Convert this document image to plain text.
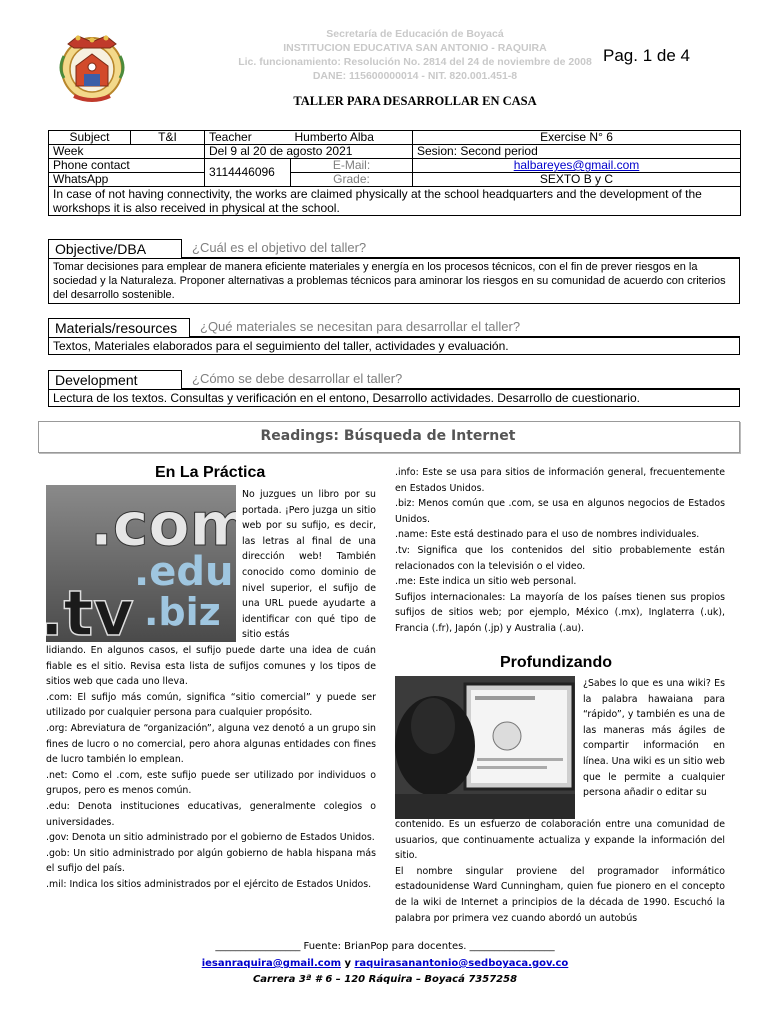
Secretaría de Educación de Boyacá
INSTITUCION EDUCATIVA SAN ANTONIO - RAQUIRA
Lic. funcionamiento: Resolución No. 2814 del 24 de noviembre de 2008
DANE: 115600000014 - NIT. 820.001.451-8
Pag. 1 de 4
TALLER PARA DESARROLLAR EN CASA
Subject	T&I	Teacher	Humberto Alba	Exercise N° 6
Week		Del 9 al 20 de agosto 2021		Sesion: Second period
Phone contact		3114446096	E-Mail:	halbareyes@gmail.com
WhatsApp			Grade:	SEXTO B y C
In case of not having connectivity, the works are claimed physically at the school headquarters and the development of the workshops it is also received in physical at the school.				
Objective/DBA	¿Cuál es el objetivo del taller?
Tomar decisiones para emplear de manera eficiente materiales y energía en los procesos técnicos, con el fin de prever riesgos en la sociedad y la Naturaleza. Proponer alternativas a problemas técnicos para aminorar los riesgos en su comunidad de acuerdo con criterios del desarrollo sostenible.
Materials/resources	¿Qué materiales se necesitan para desarrollar el taller?
Textos, Materiales elaborados para el seguimiento del taller, actividades y evaluación.
Development	¿Cómo se debe desarrollar el taller?
Lectura de los textos. Consultas y verificación en el entono, Desarrollo actividades. Desarrollo de cuestionario.
Readings: Búsqueda de Internet
En La Práctica
.com
.edu
.tv .biz
No juzgues un libro por su portada. ¡Pero juzga un sitio web por su sufijo, es decir, las letras al final de una dirección web! También conocido como dominio de nivel superior, el sufijo de una URL puede ayudarte a identificar con qué tipo de sitio estás

lidiando. En algunos casos, el sufijo puede darte una idea de cuán fiable es el sitio. Revisa esta lista de sufijos comunes y los tipos de sitios web que cada uno lleva.

.com: El sufijo más común, significa “sitio comercial” y puede ser utilizado por cualquier persona para cualquier propósito.

.org: Abreviatura de “organización”, alguna vez denotó a un grupo sin fines de lucro o no comercial, pero ahora algunas entidades con fines de lucro también lo emplean.

.net: Como el .com, este sufijo puede ser utilizado por individuos o grupos, pero es menos común.

.edu: Denota instituciones educativas, generalmente colegios o universidades.

.gov: Denota un sitio administrado por el gobierno de Estados Unidos.

.gob: Un sitio administrado por algún gobierno de habla hispana más el sufijo del país.

.mil: Indica los sitios administrados por el ejército de Estados Unidos.

.info: Este se usa para sitios de información general, frecuentemente en Estados Unidos.

.biz: Menos común que .com, se usa en algunos negocios de Estados Unidos.

.name: Este está destinado para el uso de nombres individuales.

.tv: Significa que los contenidos del sitio probablemente están relacionados con la televisión o el video.

.me: Este indica un sitio web personal.

Sufijos internacionales: La mayoría de los países tienen sus propios sufijos de sitios web; por ejemplo, México (.mx), Inglaterra (.uk), Francia (.fr), Japón (.jp) y Australia (.au).

Profundizando
¿Sabes lo que es una wiki? Es la palabra hawaiana para “rápido”, y también es una de las maneras más ágiles de compartir información en línea. Una wiki es un sitio web que le permite a cualquier persona añadir o editar su

contenido. Es un esfuerzo de colaboración entre una comunidad de usuarios, que continuamente actualiza y expande la información del sitio.

El nombre singular proviene del programador informático estadounidense Ward Cunningham, quien fue pionero en el concepto de la wiki de Internet a principios de la década de 1990. Escuchó la palabra por primera vez cuando abordó un autobús

_________________ Fuente: BrianPop para docentes. _________________
iesanraquira@gmail.com y raquirasanantonio@sedboyaca.gov.co
Carrera 3ª # 6 – 120 Ráquira – Boyacá 7357258
